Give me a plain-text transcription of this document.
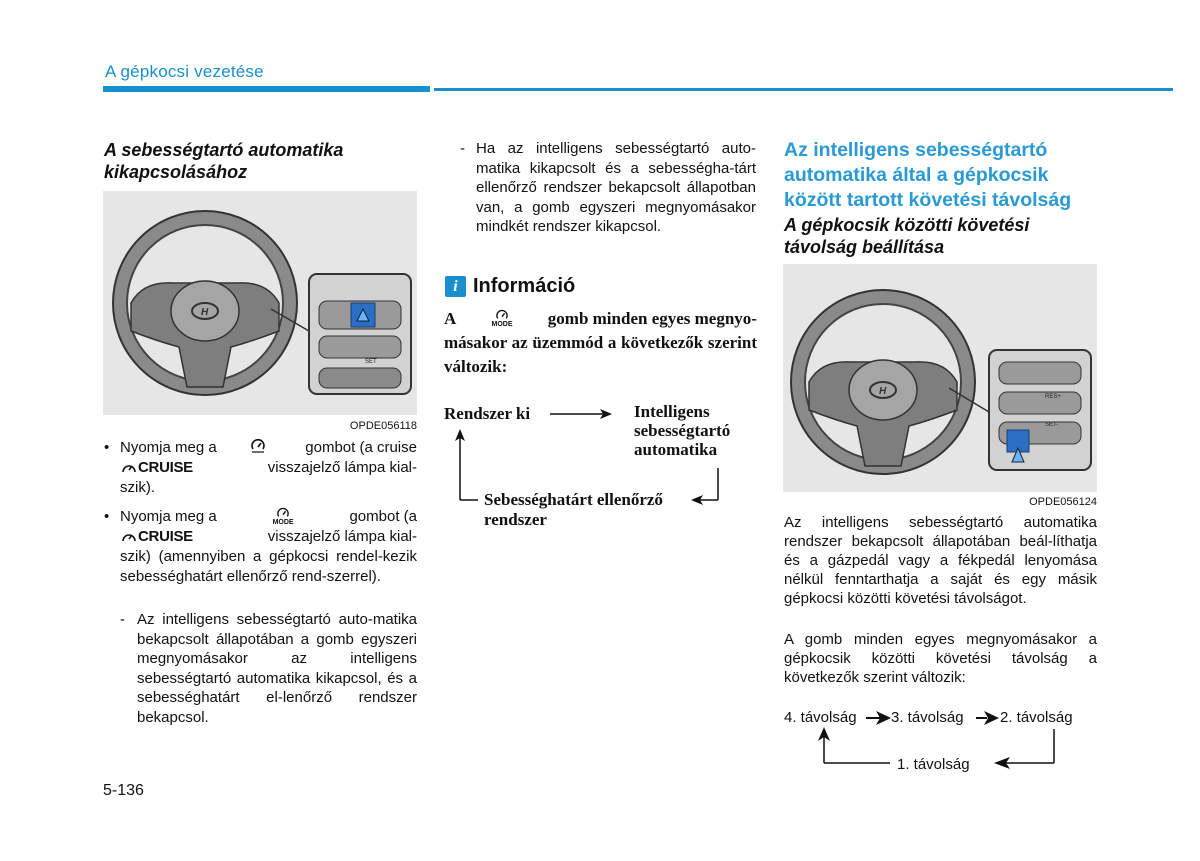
A gépkocsi vezetése
A sebességtartó automatika kikapcsolásához
H
SET
OPDE056118
• Nyomja meg a	gombot (a cruise
CRUISE	visszajelző lámpa kial-
szik).
• Nyomja meg a	MODE	gombot (a
CRUISE	visszajelző lámpa kial-
szik) (amennyiben a gépkocsi rendel-kezik sebességhatárt ellenőrző rend-szerrel).
- Az intelligens sebességtartó auto-matika bekapcsolt állapotában a gomb egyszeri megnyomásakor az intelligens sebességtartó automatika kikapcsol, és a sebességhatárt el-lenőrző rendszer bekapcsol.
- Ha az intelligens sebességtartó auto-matika kikapcsolt és a sebességha-tárt ellenőrző rendszer bekapcsolt állapotban van, a gomb egyszeri megnyomásakor mindkét rendszer kikapcsol.
i Információ
A	MODE gomb minden egyes megnyo-
másakor az üzemmód a következők szerint változik:
Rendszer ki	Intelligens
sebességtartó
automatika
Sebességhatárt ellenőrző
rendszer
Az intelligens sebességtartó automatika által a gépkocsik között tartott követési távolság
A gépkocsik közötti követési távolság beállítása
H	RES+
SET-
OPDE056124
Az intelligens sebességtartó automatika rendszer bekapcsolt állapotában beál-líthatja és a gázpedál vagy a fékpedál lenyomása nélkül fenntarthatja a saját és egy másik gépkocsi közötti követési távolságot.
A gomb minden egyes megnyomásakor a gépkocsik közötti követési távolság a következők szerint változik:
4. távolság 3. távolság 2. távolság
1. távolság
5-136
